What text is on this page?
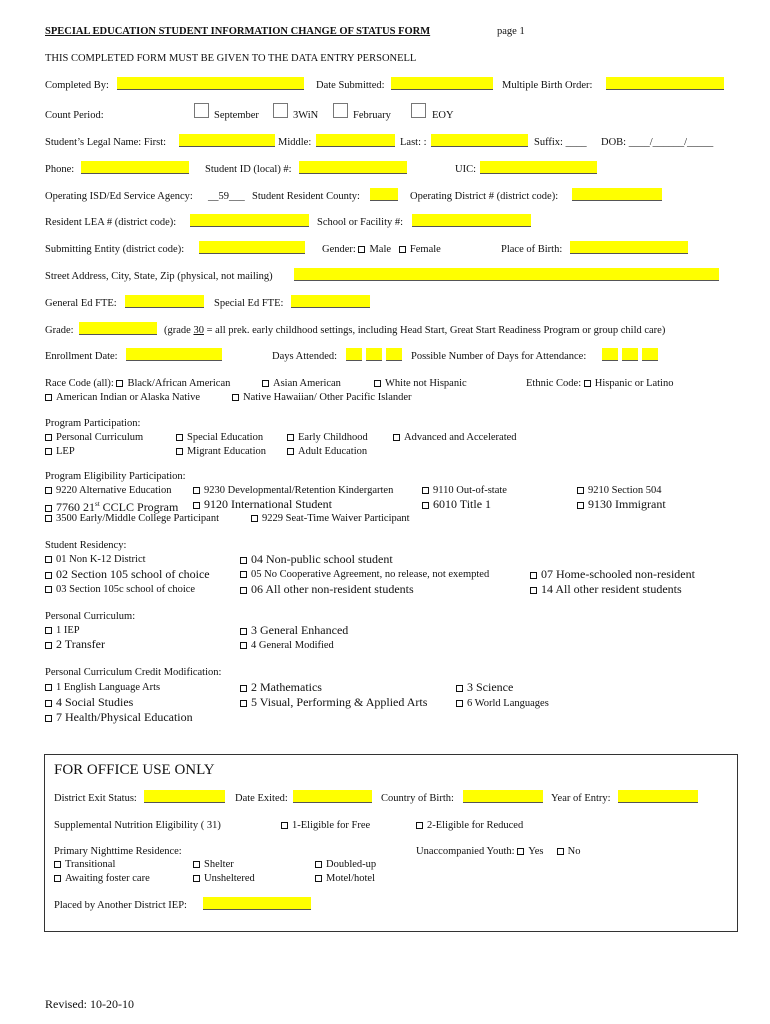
SPECIAL EDUCATION STUDENT INFORMATION CHANGE OF STATUS FORM	page 1
THIS COMPLETED FORM MUST BE GIVEN TO THE DATA ENTRY PERSONELL
Completed By:	Date Submitted:	Multiple Birth Order:
Count Period:	September	3WiN	February	EOY
Student’s Legal Name: First:	Middle:	Last: :	Suffix: ____ DOB: ____/______/_____
Phone:	Student ID (local) #:	UIC:
Operating ISD/Ed Service Agency: __59___ Student Resident County:	Operating District # (district code):
Resident LEA # (district code):	School or Facility #:
Submitting Entity (district code):	Gender: Male Female	Place of Birth:
Street Address, City, State, Zip (physical, not mailing)
General Ed FTE:	Special Ed FTE:
Grade:	(grade 30 = all prek. early childhood settings, including Head Start, Great Start Readiness Program or group child care)
Enrollment Date:	Days Attended:	Possible Number of Days for Attendance:
Race Code (all): Black/African American	Asian American	White not Hispanic	Ethnic Code: Hispanic or Latino
American Indian or Alaska Native	Native Hawaiian/ Other Pacific Islander
Program Participation:
Personal Curriculum	Special Education	Early Childhood	Advanced and Accelerated
LEP	Migrant Education	Adult Education
Program Eligibility Participation:
9220 Alternative Education	9230 Developmental/Retention Kindergarten	9110 Out-of-state	9210 Section 504
7760 21st CCLC Program	9120 International Student	6010 Title 1	9130 Immigrant
3500 Early/Middle College Participant	9229 Seat-Time Waiver Participant
Student Residency:
01 Non K-12 District	04 Non-public school student
02 Section 105 school of choice	05 No Cooperative Agreement, no release, not exempted	07 Home-schooled non-resident
03 Section 105c school of choice	06 All other non-resident students	14 All other resident students
Personal Curriculum:
1 IEP	3 General Enhanced
2 Transfer	4 General Modified
Personal Curriculum Credit Modification:
1 English Language Arts	2 Mathematics	3 Science
4 Social Studies	5 Visual, Performing & Applied Arts	6 World Languages
7 Health/Physical Education
FOR OFFICE USE ONLY
District Exit Status:	Date Exited:	Country of Birth:	Year of Entry:
Supplemental Nutrition Eligibility ( 31)	1-Eligible for Free	2-Eligible for Reduced
Primary Nighttime Residence:	Unaccompanied Youth: Yes No
Transitional	Shelter	Doubled-up
Awaiting foster care	Unsheltered	Motel/hotel
Placed by Another District IEP:
Revised: 10-20-10
